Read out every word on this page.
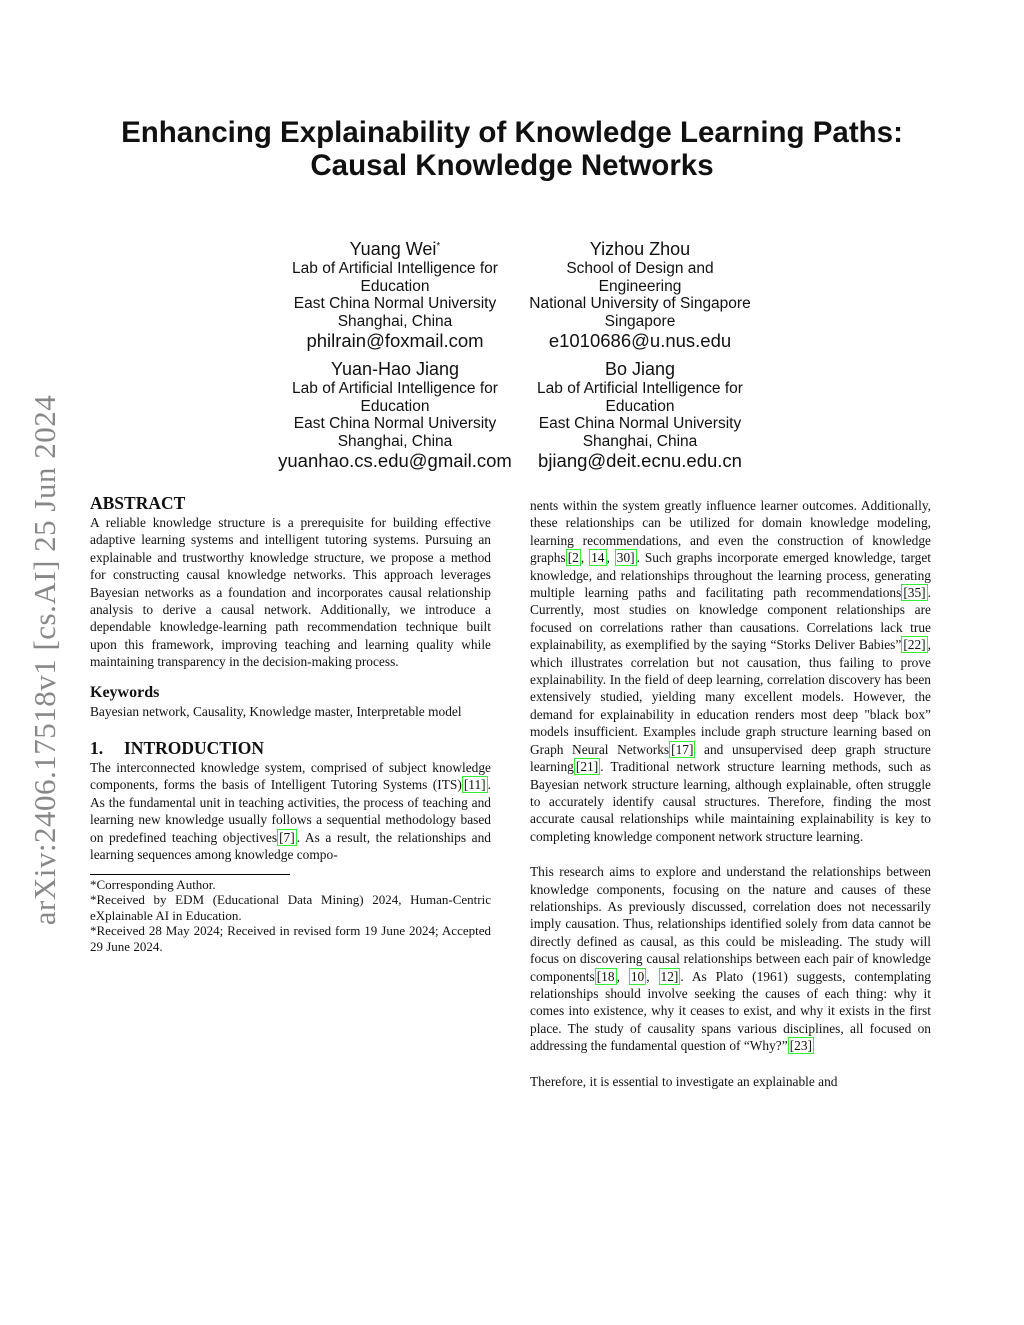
arXiv:2406.17518v1 [cs.AI] 25 Jun 2024
Enhancing Explainability of Knowledge Learning Paths:
Causal Knowledge Networks
Yuang Wei*
Lab of Artificial Intelligence for
Education
East China Normal University
Shanghai, China
philrain@foxmail.com
Yizhou Zhou
School of Design and
Engineering
National University of Singapore
Singapore
e1010686@u.nus.edu
Yuan-Hao Jiang
Lab of Artificial Intelligence for
Education
East China Normal University
Shanghai, China
yuanhao.cs.edu@gmail.com
Bo Jiang
Lab of Artificial Intelligence for
Education
East China Normal University
Shanghai, China
bjiang@deit.ecnu.edu.cn
ABSTRACT

A reliable knowledge structure is a prerequisite for building effective adaptive learning systems and intelligent tutoring systems. Pursuing an explainable and trustworthy knowledge structure, we propose a method for constructing causal knowledge networks. This approach leverages Bayesian networks as a foundation and incorporates causal relationship analysis to derive a causal network. Additionally, we introduce a dependable knowledge-learning path recommendation technique built upon this framework, improving teaching and learning quality while maintaining transparency in the decision-making process.

Keywords

Bayesian network, Causality, Knowledge master, Interpretable model

1. INTRODUCTION

The interconnected knowledge system, comprised of subject knowledge components, forms the basis of Intelligent Tutoring Systems (ITS) [11] . As the fundamental unit in teaching activities, the process of teaching and learning new knowledge usually follows a sequential methodology based on predefined teaching objectives [7] . As a result, the relationships and learning sequences among knowledge compo-

*Corresponding Author.

*Received by EDM (Educational Data Mining) 2024, Human-Centric eXplainable AI in Education.

*Received 28 May 2024; Received in revised form 19 June 2024; Accepted 29 June 2024.

nents within the system greatly influence learner outcomes. Additionally, these relationships can be utilized for domain knowledge modeling, learning recommendations, and even the construction of knowledge graphs [2 , 14 , 30] . Such graphs incorporate emerged knowledge, target knowledge, and relationships throughout the learning process, generating multiple learning paths and facilitating path recommendations [35] . Currently, most studies on knowledge component relationships are focused on correlations rather than causations. Correlations lack true explainability, as exemplified by the saying “Storks Deliver Babies” [22] , which illustrates correlation but not causation, thus failing to prove explainability. In the field of deep learning, correlation discovery has been extensively studied, yielding many excellent models. However, the demand for explainability in education renders most deep "black box” models insufficient. Examples include graph structure learning based on Graph Neural Networks [17] and unsupervised deep graph structure learning [21] . Traditional network structure learning methods, such as Bayesian network structure learning, although explainable, often struggle to accurately identify causal structures. Therefore, finding the most accurate causal relationships while maintaining explainability is key to completing knowledge component network structure learning.

This research aims to explore and understand the relationships between knowledge components, focusing on the nature and causes of these relationships. As previously discussed, correlation does not necessarily imply causation. Thus, relationships identified solely from data cannot be directly defined as causal, as this could be misleading. The study will focus on discovering causal relationships between each pair of knowledge components [18 , 10 , 12] . As Plato (1961) suggests, contemplating relationships should involve seeking the causes of each thing: why it comes into existence, why it ceases to exist, and why it exists in the first place. The study of causality spans various disciplines, all focused on addressing the fundamental question of “Why?” [23]

Therefore, it is essential to investigate an explainable and
